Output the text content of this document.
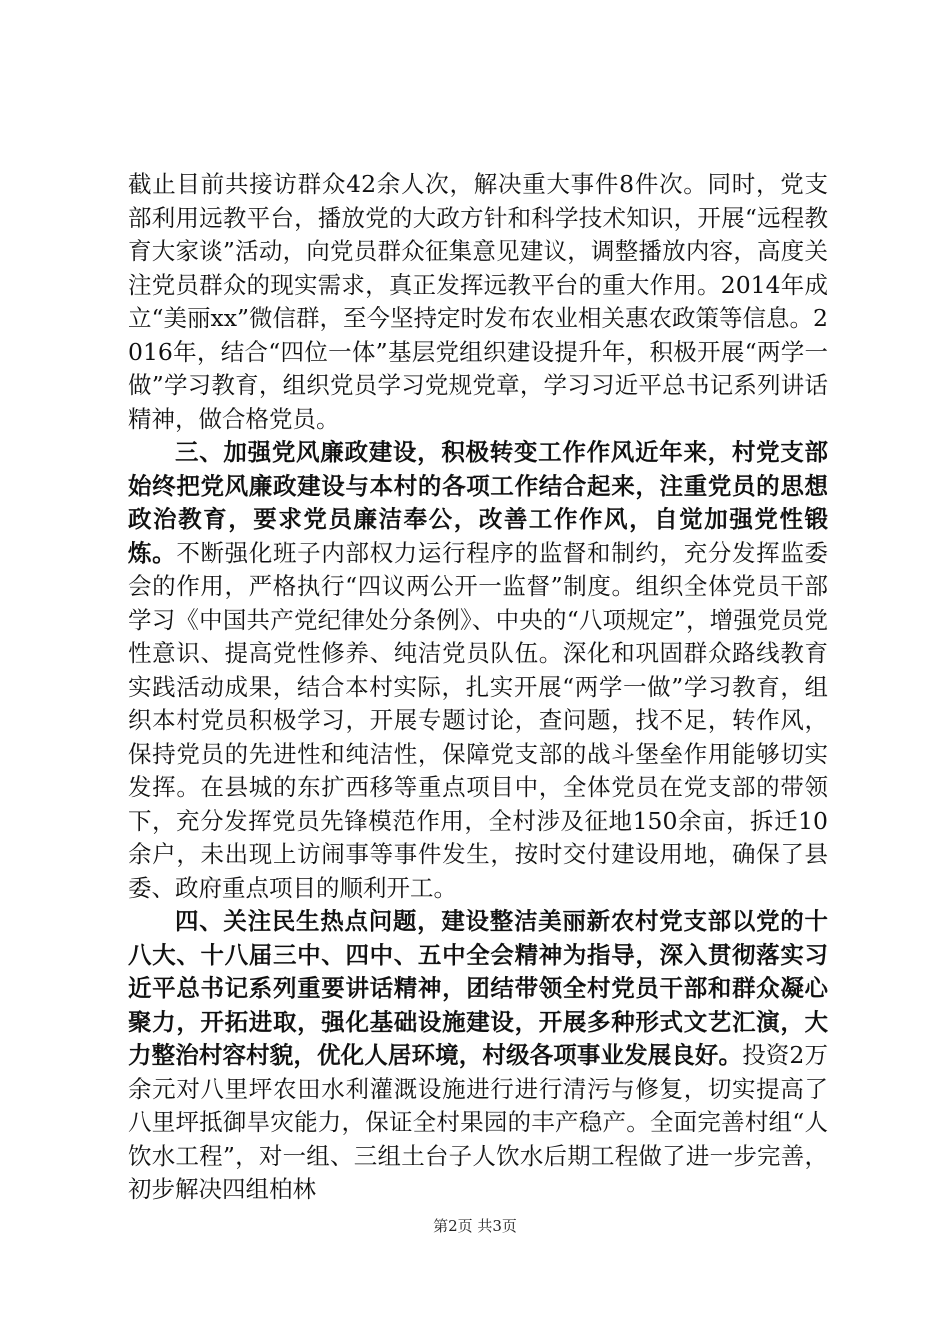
截止目前共接访群众42余人次，解决重大事件8件次。同时，党支部利用远教平台，播放党的大政方针和科学技术知识，开展“远程教育大家谈”活动，向党员群众征集意见建议，调整播放内容，高度关注党员群众的现实需求，真正发挥远教平台的重大作用。2014年成立“美丽xx”微信群，至今坚持定时发布农业相关惠农政策等信息。2016年，结合“四位一体”基层党组织建设提升年，积极开展“两学一做”学习教育，组织党员学习党规党章，学习习近平总书记系列讲话精神，做合格党员。

三、加强党风廉政建设，积极转变工作作风近年来，村党支部始终把党风廉政建设与本村的各项工作结合起来，注重党员的思想政治教育，要求党员廉洁奉公，改善工作作风，自觉加强党性锻炼。不断强化班子内部权力运行程序的监督和制约，充分发挥监委会的作用，严格执行“四议两公开一监督”制度。组织全体党员干部学习《中国共产党纪律处分条例》、中央的“八项规定”，增强党员党性意识、提高党性修养、纯洁党员队伍。深化和巩固群众路线教育实践活动成果，结合本村实际，扎实开展“两学一做”学习教育，组织本村党员积极学习，开展专题讨论，查问题，找不足，转作风，保持党员的先进性和纯洁性，保障党支部的战斗堡垒作用能够切实发挥。在县城的东扩西移等重点项目中，全体党员在党支部的带领下，充分发挥党员先锋模范作用，全村涉及征地150余亩，拆迁10余户，未出现上访闹事等事件发生，按时交付建设用地，确保了县委、政府重点项目的顺利开工。

四、关注民生热点问题，建设整洁美丽新农村党支部以党的十八大、十八届三中、四中、五中全会精神为指导，深入贯彻落实习近平总书记系列重要讲话精神，团结带领全村党员干部和群众凝心聚力，开拓进取，强化基础设施建设，开展多种形式文艺汇演，大力整治村容村貌，优化人居环境，村级各项事业发展良好。投资2万余元对八里坪农田水利灌溉设施进行进行清污与修复，切实提高了八里坪抵御旱灾能力，保证全村果园的丰产稳产。全面完善村组“人饮水工程”，对一组、三组土台子人饮水后期工程做了进一步完善，初步解决四组柏林

第2页 共3页
